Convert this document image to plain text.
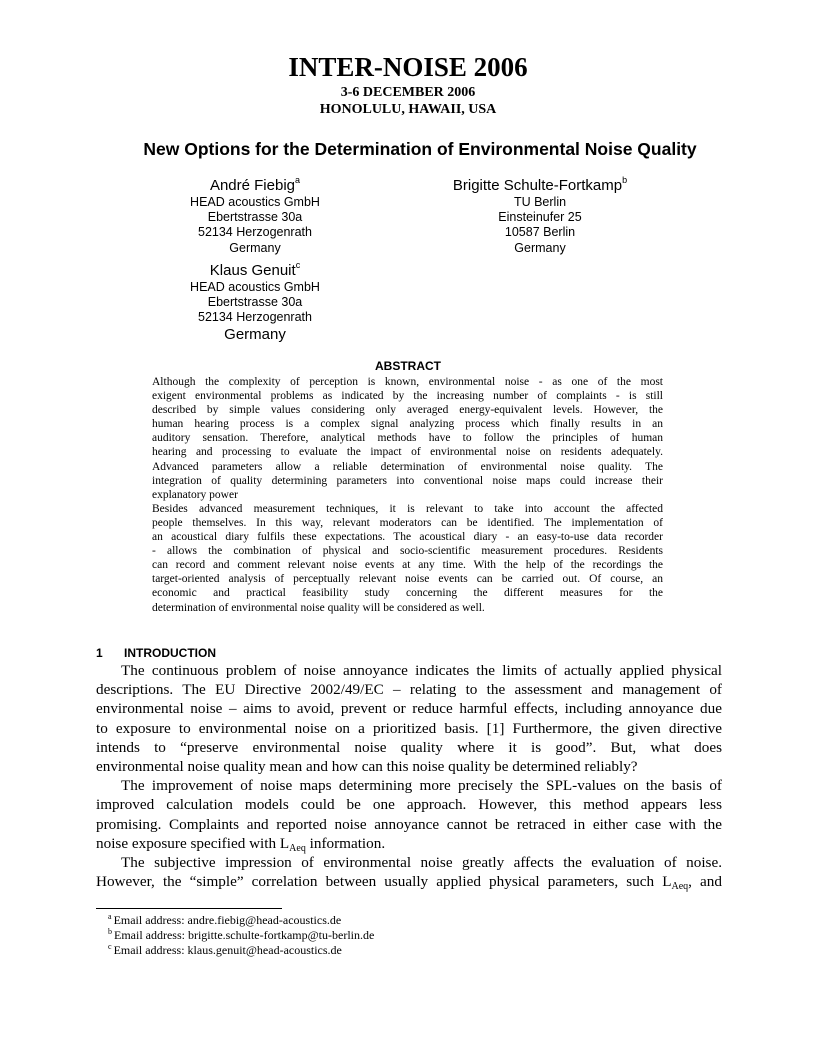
INTER-NOISE 2006
3-6 DECEMBER 2006
HONOLULU, HAWAII, USA
New Options for the Determination of Environmental Noise Quality
André Fiebig$^a$
HEAD acoustics GmbH
Ebertstrasse 30a
52134 Herzogenrath
Germany
Brigitte Schulte-Fortkamp$^b$
TU Berlin
Einsteinufer 25
10587 Berlin
Germany
Klaus Genuit$^c$
HEAD acoustics GmbH
Ebertstrasse 30a
52134 Herzogenrath
Germany
ABSTRACT

Although the complexity of perception is known, environmental noise - as one of the most
exigent environmental problems as indicated by the increasing number of complaints - is still
described by simple values considering only averaged energy-equivalent levels. However, the
human hearing process is a complex signal analyzing process which finally results in an
auditory sensation. Therefore, analytical methods have to follow the principles of human
hearing and processing to evaluate the impact of environmental noise on residents adequately.
Advanced parameters allow a reliable determination of environmental noise quality. The
integration of quality determining parameters into conventional noise maps could increase their
explanatory power

Besides advanced measurement techniques, it is relevant to take into account the affected
people themselves. In this way, relevant moderators can be identified. The implementation of
an acoustical diary fulfils these expectations. The acoustical diary - an easy-to-use data recorder
- allows the combination of physical and socio-scientific measurement procedures. Residents
can record and comment relevant noise events at any time. With the help of the recordings the
target-oriented analysis of perceptually relevant noise events can be carried out. Of course, an
economic and practical feasibility study concerning the different measures for the
determination of environmental noise quality will be considered as well.

1 INTRODUCTION

The continuous problem of noise annoyance indicates the limits of actually applied physical
descriptions. The EU Directive 2002/49/EC – relating to the assessment and management of
environmental noise – aims to avoid, prevent or reduce harmful effects, including annoyance due
to exposure to environmental noise on a prioritized basis. [1] Furthermore, the given directive
intends to “preserve environmental noise quality where it is good”. But, what does
environmental noise quality mean and how can this noise quality be determined reliably?

The improvement of noise maps determining more precisely the SPL-values on the basis of
improved calculation models could be one approach. However, this method appears less
promising. Complaints and reported noise annoyance cannot be retraced in either case with the
noise exposure specified with $L_{Aeq}$ information.

The subjective impression of environmental noise greatly affects the evaluation of noise.
However, the “simple” correlation between usually applied physical parameters, such $L_{Aeq}$, and

$^a$ Email address: andre.fiebig@head-acoustics.de
$^b$ Email address: brigitte.schulte-fortkamp@tu-berlin.de
$^c$ Email address: klaus.genuit@head-acoustics.de
